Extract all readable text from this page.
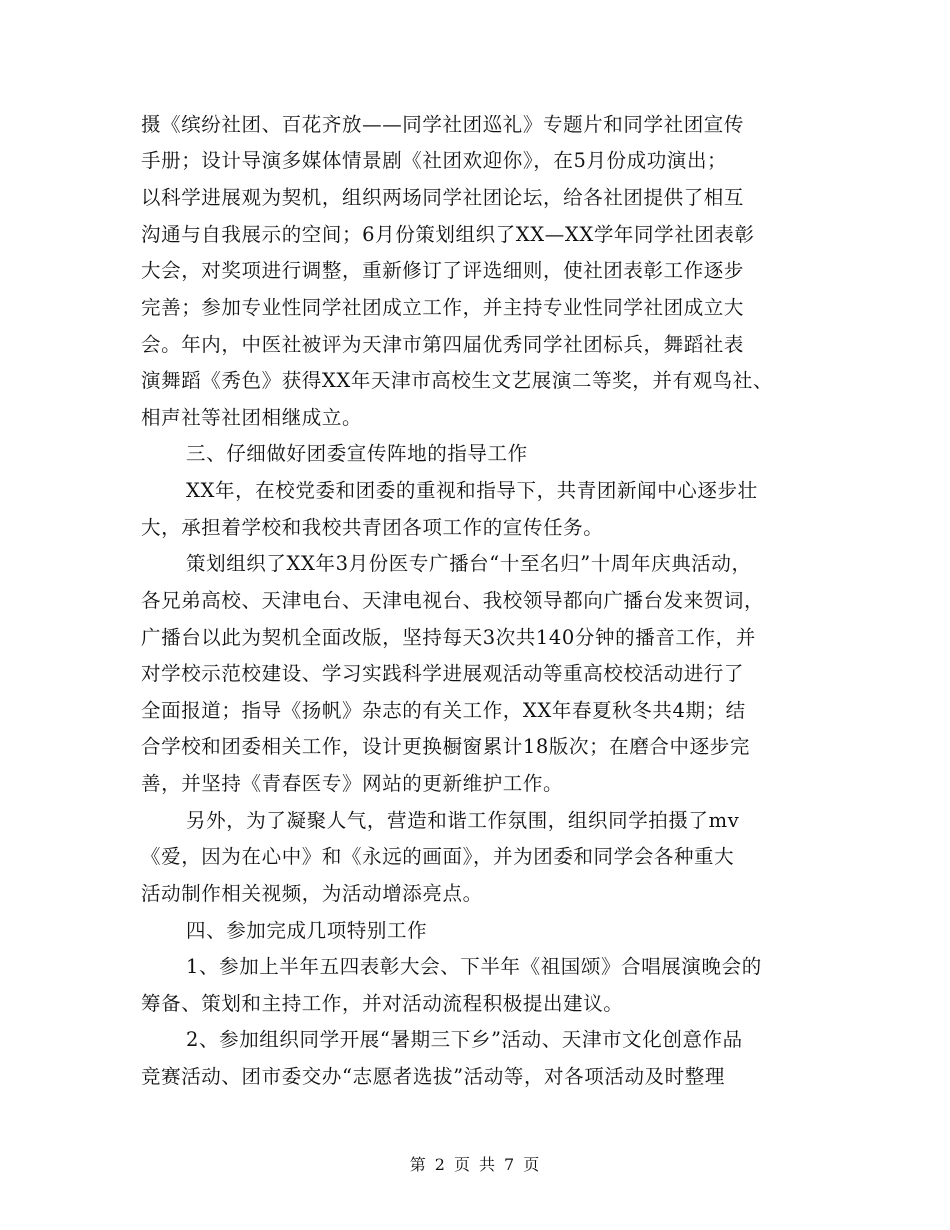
摄《缤纷社团、百花齐放——同学社团巡礼》专题片和同学社团宣传
手册；设计导演多媒体情景剧《社团欢迎你》，在5月份成功演出；
以科学进展观为契机，组织两场同学社团论坛，给各社团提供了相互
沟通与自我展示的空间；6月份策划组织了XX—XX学年同学社团表彰
大会，对奖项进行调整，重新修订了评选细则，使社团表彰工作逐步
完善；参加专业性同学社团成立工作，并主持专业性同学社团成立大
会。年内，中医社被评为天津市第四届优秀同学社团标兵，舞蹈社表
演舞蹈《秀色》获得XX年天津市高校生文艺展演二等奖，并有观鸟社、
相声社等社团相继成立。
三、仔细做好团委宣传阵地的指导工作
XX年，在校党委和团委的重视和指导下，共青团新闻中心逐步壮
大，承担着学校和我校共青团各项工作的宣传任务。
策划组织了XX年3月份医专广播台“十至名归”十周年庆典活动，
各兄弟高校、天津电台、天津电视台、我校领导都向广播台发来贺词，
广播台以此为契机全面改版，坚持每天3次共140分钟的播音工作，并
对学校示范校建设、学习实践科学进展观活动等重高校校活动进行了
全面报道；指导《扬帆》杂志的有关工作，XX年春夏秋冬共4期；结
合学校和团委相关工作，设计更换橱窗累计18版次；在磨合中逐步完
善，并坚持《青春医专》网站的更新维护工作。
另外，为了凝聚人气，营造和谐工作氛围，组织同学拍摄了mv
《爱，因为在心中》和《永远的画面》，并为团委和同学会各种重大
活动制作相关视频，为活动增添亮点。
四、参加完成几项特别工作
1、参加上半年五四表彰大会、下半年《祖国颂》合唱展演晚会的
筹备、策划和主持工作，并对活动流程积极提出建议。
2、参加组织同学开展“暑期三下乡”活动、天津市文化创意作品
竞赛活动、团市委交办“志愿者选拔”活动等，对各项活动及时整理
第 2 页 共 7 页
